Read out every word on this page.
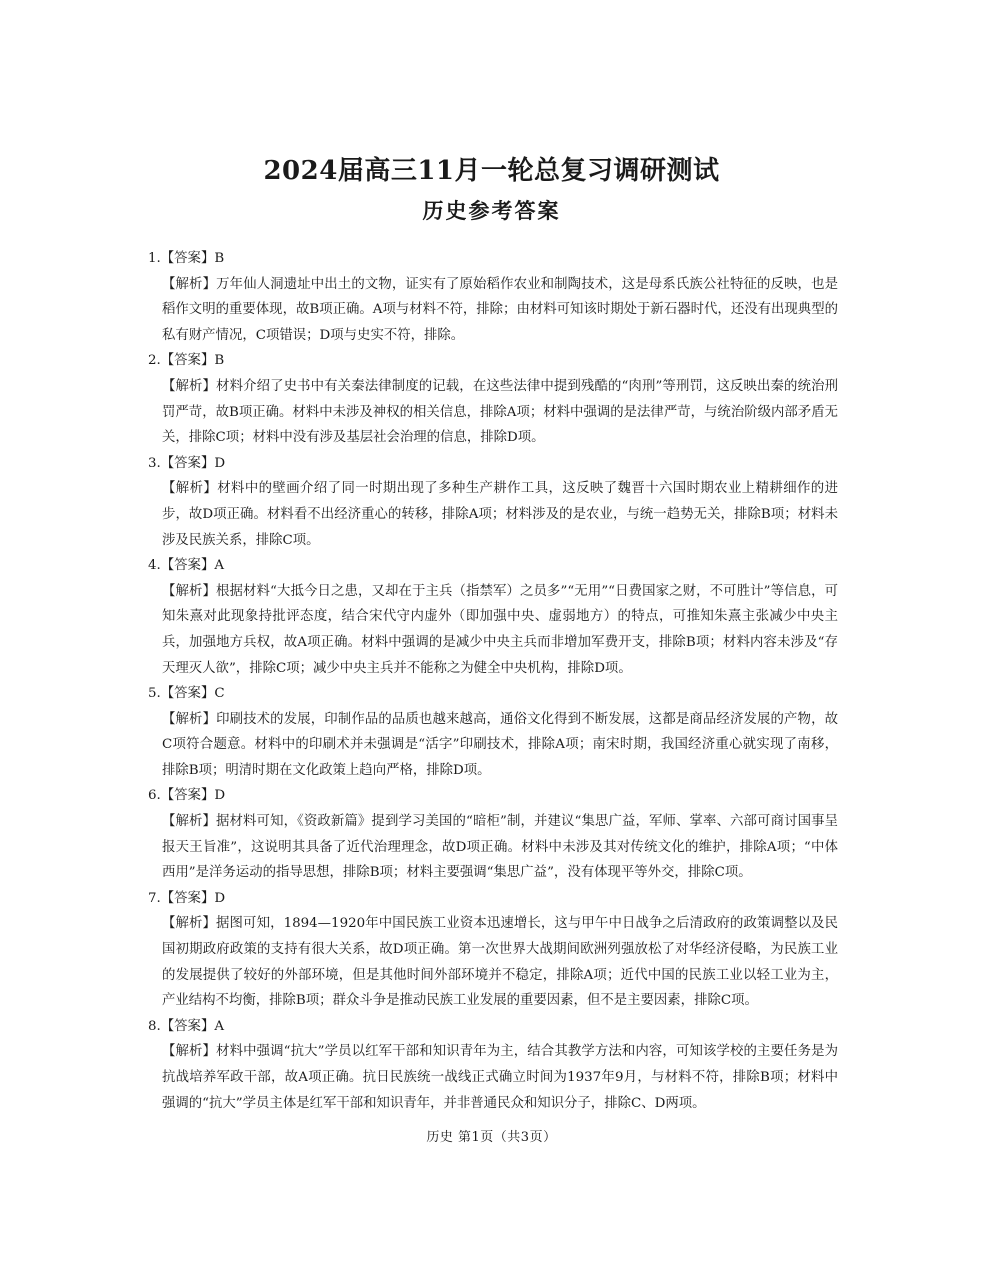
2024届高三11月一轮总复习调研测试
历史参考答案

1.【答案】B

【解析】万年仙人洞遗址中出土的文物，证实有了原始稻作农业和制陶技术，这是母系氏族公社特征的反映，也是稻作文明的重要体现，故B项正确。A项与材料不符，排除；由材料可知该时期处于新石器时代，还没有出现典型的私有财产情况，C项错误；D项与史实不符，排除。

2.【答案】B

【解析】材料介绍了史书中有关秦法律制度的记载，在这些法律中提到残酷的“肉刑”等刑罚，这反映出秦的统治刑罚严苛，故B项正确。材料中未涉及神权的相关信息，排除A项；材料中强调的是法律严苛，与统治阶级内部矛盾无关，排除C项；材料中没有涉及基层社会治理的信息，排除D项。

3.【答案】D

【解析】材料中的壁画介绍了同一时期出现了多种生产耕作工具，这反映了魏晋十六国时期农业上精耕细作的进步，故D项正确。材料看不出经济重心的转移，排除A项；材料涉及的是农业，与统一趋势无关，排除B项；材料未涉及民族关系，排除C项。

4.【答案】A

【解析】根据材料“大抵今日之患，又却在于主兵（指禁军）之员多”“无用”“日费国家之财，不可胜计”等信息，可知朱熹对此现象持批评态度，结合宋代守内虚外（即加强中央、虚弱地方）的特点，可推知朱熹主张减少中央主兵，加强地方兵权，故A项正确。材料中强调的是减少中央主兵而非增加军费开支，排除B项；材料内容未涉及“存天理灭人欲”，排除C项；减少中央主兵并不能称之为健全中央机构，排除D项。

5.【答案】C

【解析】印刷技术的发展，印制作品的品质也越来越高，通俗文化得到不断发展，这都是商品经济发展的产物，故C项符合题意。材料中的印刷术并未强调是“活字”印刷技术，排除A项；南宋时期，我国经济重心就实现了南移，排除B项；明清时期在文化政策上趋向严格，排除D项。

6.【答案】D

【解析】据材料可知，《资政新篇》提到学习美国的“暗柜”制，并建议“集思广益，军师、掌率、六部可商讨国事呈报天王旨准”，这说明其具备了近代治理理念，故D项正确。材料中未涉及其对传统文化的维护，排除A项；“中体西用”是洋务运动的指导思想，排除B项；材料主要强调“集思广益”，没有体现平等外交，排除C项。

7.【答案】D

【解析】据图可知，1894—1920年中国民族工业资本迅速增长，这与甲午中日战争之后清政府的政策调整以及民国初期政府政策的支持有很大关系，故D项正确。第一次世界大战期间欧洲列强放松了对华经济侵略，为民族工业的发展提供了较好的外部环境，但是其他时间外部环境并不稳定，排除A项；近代中国的民族工业以轻工业为主，产业结构不均衡，排除B项；群众斗争是推动民族工业发展的重要因素，但不是主要因素，排除C项。

8.【答案】A

【解析】材料中强调“抗大”学员以红军干部和知识青年为主，结合其教学方法和内容，可知该学校的主要任务是为抗战培养军政干部，故A项正确。抗日民族统一战线正式确立时间为1937年9月，与材料不符，排除B项；材料中强调的“抗大”学员主体是红军干部和知识青年，并非普通民众和知识分子，排除C、D两项。

历史 第1页（共3页）
